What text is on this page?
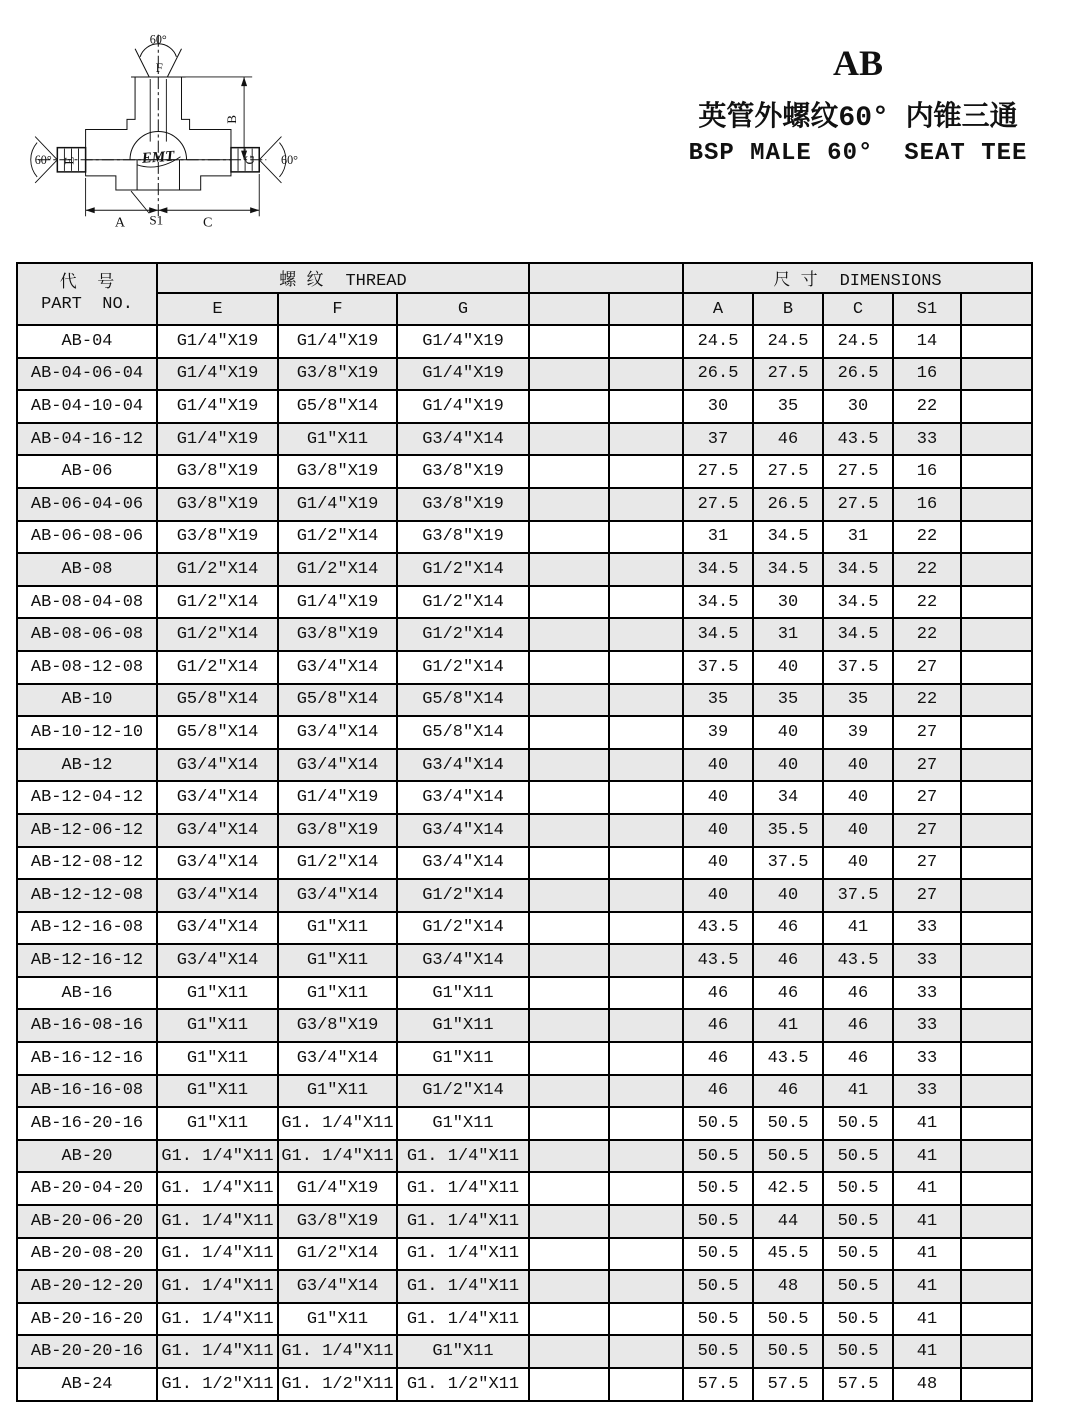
60°
F
B
60° E	G 60°
A S1	C
EMT
AB
英管外螺纹60° 内锥三通
BSP MALE 60°  SEAT TEE
代  号
PART  NO.	螺 纹 THREAD					尺 寸 DIMENSIONS				
	E	F	G			A	B	C	S1	
AB-04	G1/4″X19	G1/4″X19	G1/4″X19			24.5	24.5	24.5	14	
AB-04-06-04	G1/4″X19	G3/8″X19	G1/4″X19			26.5	27.5	26.5	16	
AB-04-10-04	G1/4″X19	G5/8″X14	G1/4″X19			30	35	30	22	
AB-04-16-12	G1/4″X19	G1″X11	G3/4″X14			37	46	43.5	33	
AB-06	G3/8″X19	G3/8″X19	G3/8″X19			27.5	27.5	27.5	16	
AB-06-04-06	G3/8″X19	G1/4″X19	G3/8″X19			27.5	26.5	27.5	16	
AB-06-08-06	G3/8″X19	G1/2″X14	G3/8″X19			31	34.5	31	22	
AB-08	G1/2″X14	G1/2″X14	G1/2″X14			34.5	34.5	34.5	22	
AB-08-04-08	G1/2″X14	G1/4″X19	G1/2″X14			34.5	30	34.5	22	
AB-08-06-08	G1/2″X14	G3/8″X19	G1/2″X14			34.5	31	34.5	22	
AB-08-12-08	G1/2″X14	G3/4″X14	G1/2″X14			37.5	40	37.5	27	
AB-10	G5/8″X14	G5/8″X14	G5/8″X14			35	35	35	22	
AB-10-12-10	G5/8″X14	G3/4″X14	G5/8″X14			39	40	39	27	
AB-12	G3/4″X14	G3/4″X14	G3/4″X14			40	40	40	27	
AB-12-04-12	G3/4″X14	G1/4″X19	G3/4″X14			40	34	40	27	
AB-12-06-12	G3/4″X14	G3/8″X19	G3/4″X14			40	35.5	40	27	
AB-12-08-12	G3/4″X14	G1/2″X14	G3/4″X14			40	37.5	40	27	
AB-12-12-08	G3/4″X14	G3/4″X14	G1/2″X14			40	40	37.5	27	
AB-12-16-08	G3/4″X14	G1″X11	G1/2″X14			43.5	46	41	33	
AB-12-16-12	G3/4″X14	G1″X11	G3/4″X14			43.5	46	43.5	33	
AB-16	G1″X11	G1″X11	G1″X11			46	46	46	33	
AB-16-08-16	G1″X11	G3/8″X19	G1″X11			46	41	46	33	
AB-16-12-16	G1″X11	G3/4″X14	G1″X11			46	43.5	46	33	
AB-16-16-08	G1″X11	G1″X11	G1/2″X14			46	46	41	33	
AB-16-20-16	G1″X11	G1. 1/4″X11	G1″X11			50.5	50.5	50.5	41	
AB-20	G1. 1/4″X11	G1. 1/4″X11	G1. 1/4″X11			50.5	50.5	50.5	41	
AB-20-04-20	G1. 1/4″X11	G1/4″X19	G1. 1/4″X11			50.5	42.5	50.5	41	
AB-20-06-20	G1. 1/4″X11	G3/8″X19	G1. 1/4″X11			50.5	44	50.5	41	
AB-20-08-20	G1. 1/4″X11	G1/2″X14	G1. 1/4″X11			50.5	45.5	50.5	41	
AB-20-12-20	G1. 1/4″X11	G3/4"X14	G1. 1/4″X11			50.5	48	50.5	41	
AB-20-16-20	G1. 1/4″X11	G1″X11	G1. 1/4″X11			50.5	50.5	50.5	41	
AB-20-20-16	G1. 1/4″X11	G1. 1/4″X11	G1″X11			50.5	50.5	50.5	41	
AB-24	G1. 1/2″X11	G1. 1/2″X11	G1. 1/2″X11			57.5	57.5	57.5	48	
